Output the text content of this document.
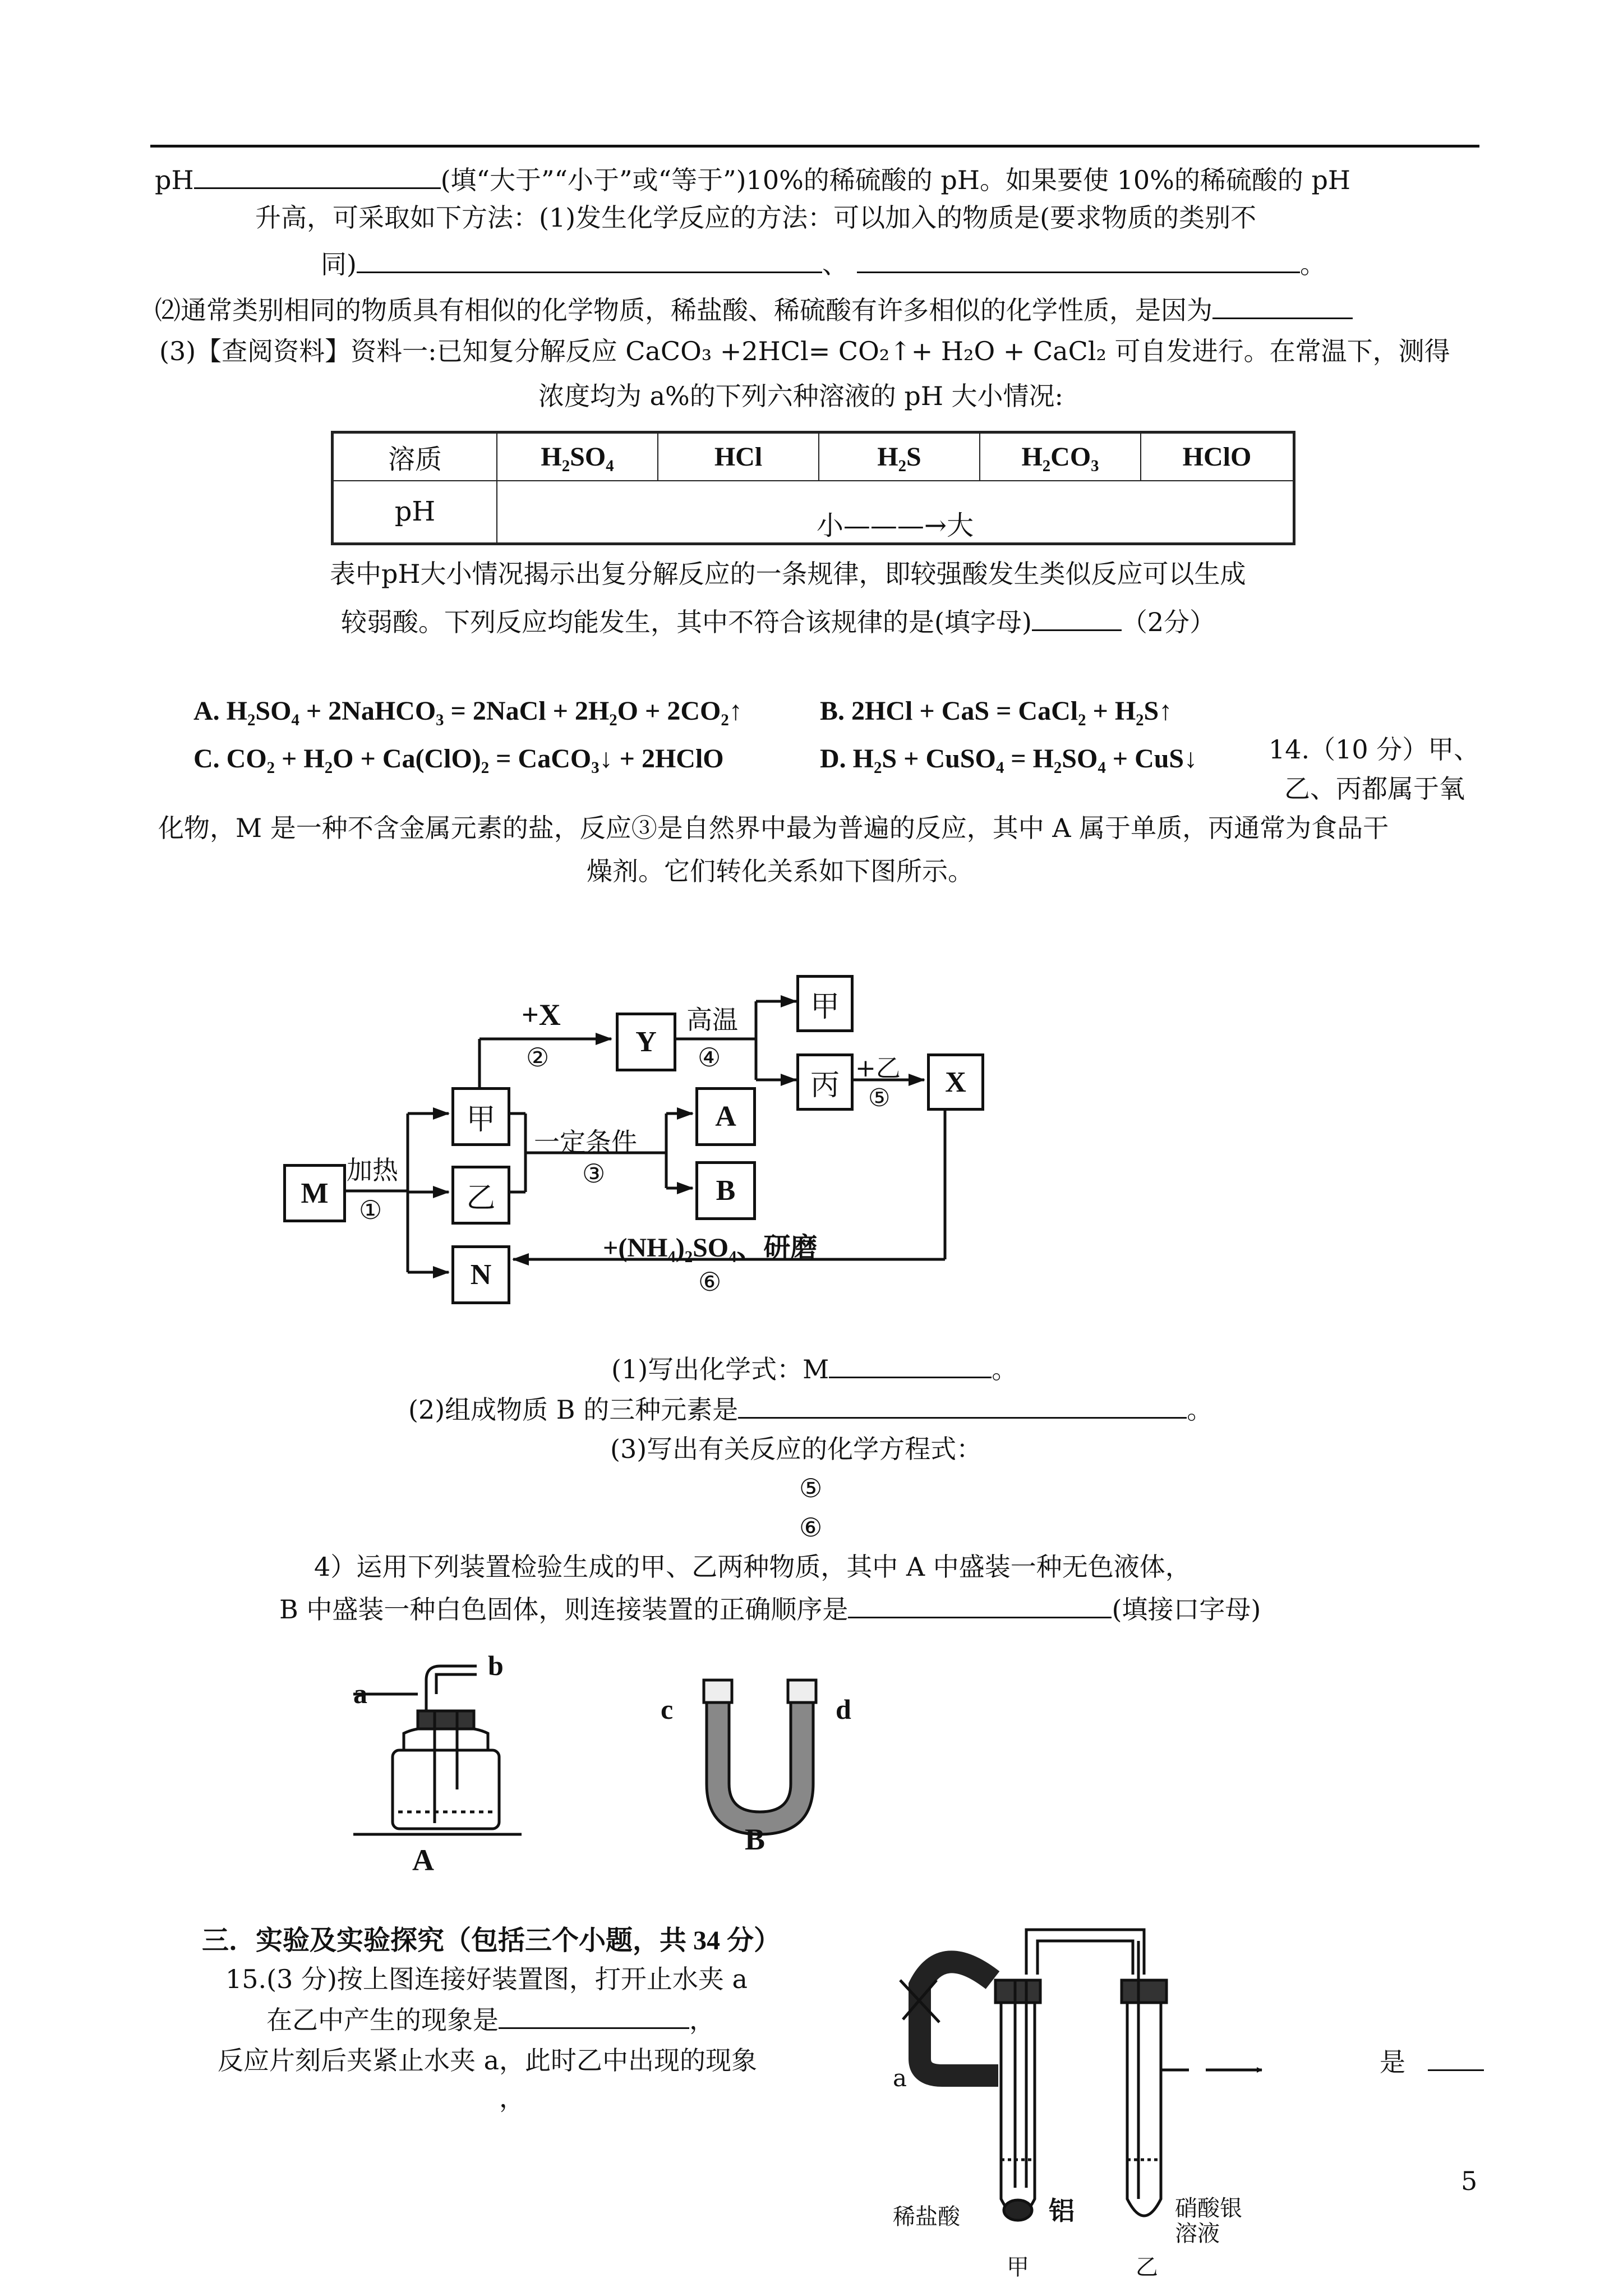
pH	(填“大于”“小于”或“等于”)10%的稀硫酸的 pH。如果要使 10%的稀硫酸的 pH
升高，可采取如下方法：(1)发生化学反应的方法：可以加入的物质是(要求物质的类别不
同)	、	。
⑵通常类别相同的物质具有相似的化学物质，稀盐酸、稀硫酸有许多相似的化学性质，是因为
(3)【查阅资料】资料一:已知复分解反应 CaCO₃ +2HCl= CO₂↑+ H₂O + CaCl₂ 可自发进行。在常温下，测得
浓度均为 a%的下列六种溶液的 pH 大小情况:
溶质	H₂SO₄	HCl	H₂S	H₂CO₃	HClO
pH	小———→大				
表中pH大小情况揭示出复分解反应的一条规律，即较强酸发生类似反应可以生成
较弱酸。下列反应均能发生，其中不符合该规律的是(填字母)	（2分）
A. H₂SO₄ + 2NaHCO₃ = 2NaCl + 2H₂O + 2CO₂↑	B. 2HCl + CaS = CaCl₂ + H₂S↑
C. CO₂ + H₂O + Ca(ClO)₂ = CaCO₃↓ + 2HClO	D. H₂S + CuSO₄ = H₂SO₄ + CuS↓	14.（10 分）甲、
乙、丙都属于氧
化物，M 是一种不含金属元素的盐，反应③是自然界中最为普遍的反应，其中 A 属于单质，丙通常为食品干
燥剂。它们转化关系如下图所示。
M
甲
乙
N
Y
A
B
甲
丙	X
+X
②
高温
④	+乙
⑤
加热
①
一定条件
③
+(NH₄)₂SO₄、研磨
⑥
(1)写出化学式：M	。
(2)组成物质 B 的三种元素是	。
(3)写出有关反应的化学方程式：
⑤
⑥
4）运用下列装置检验生成的甲、乙两种物质，其中 A 中盛装一种无色液体，
B 中盛装一种白色固体，则连接装置的正确顺序是	(填接口字母)
a
b
A
c	d
B
三．实验及实验探究（包括三个小题，共 34 分）
15.(3 分)按上图连接好装置图，打开止水夹 a
在乙中产生的现象是	，
反应片刻后夹紧止水夹 a，此时乙中出现的现象
，
是
a
稀盐酸	铝
甲
硝酸银
溶液
乙
5
